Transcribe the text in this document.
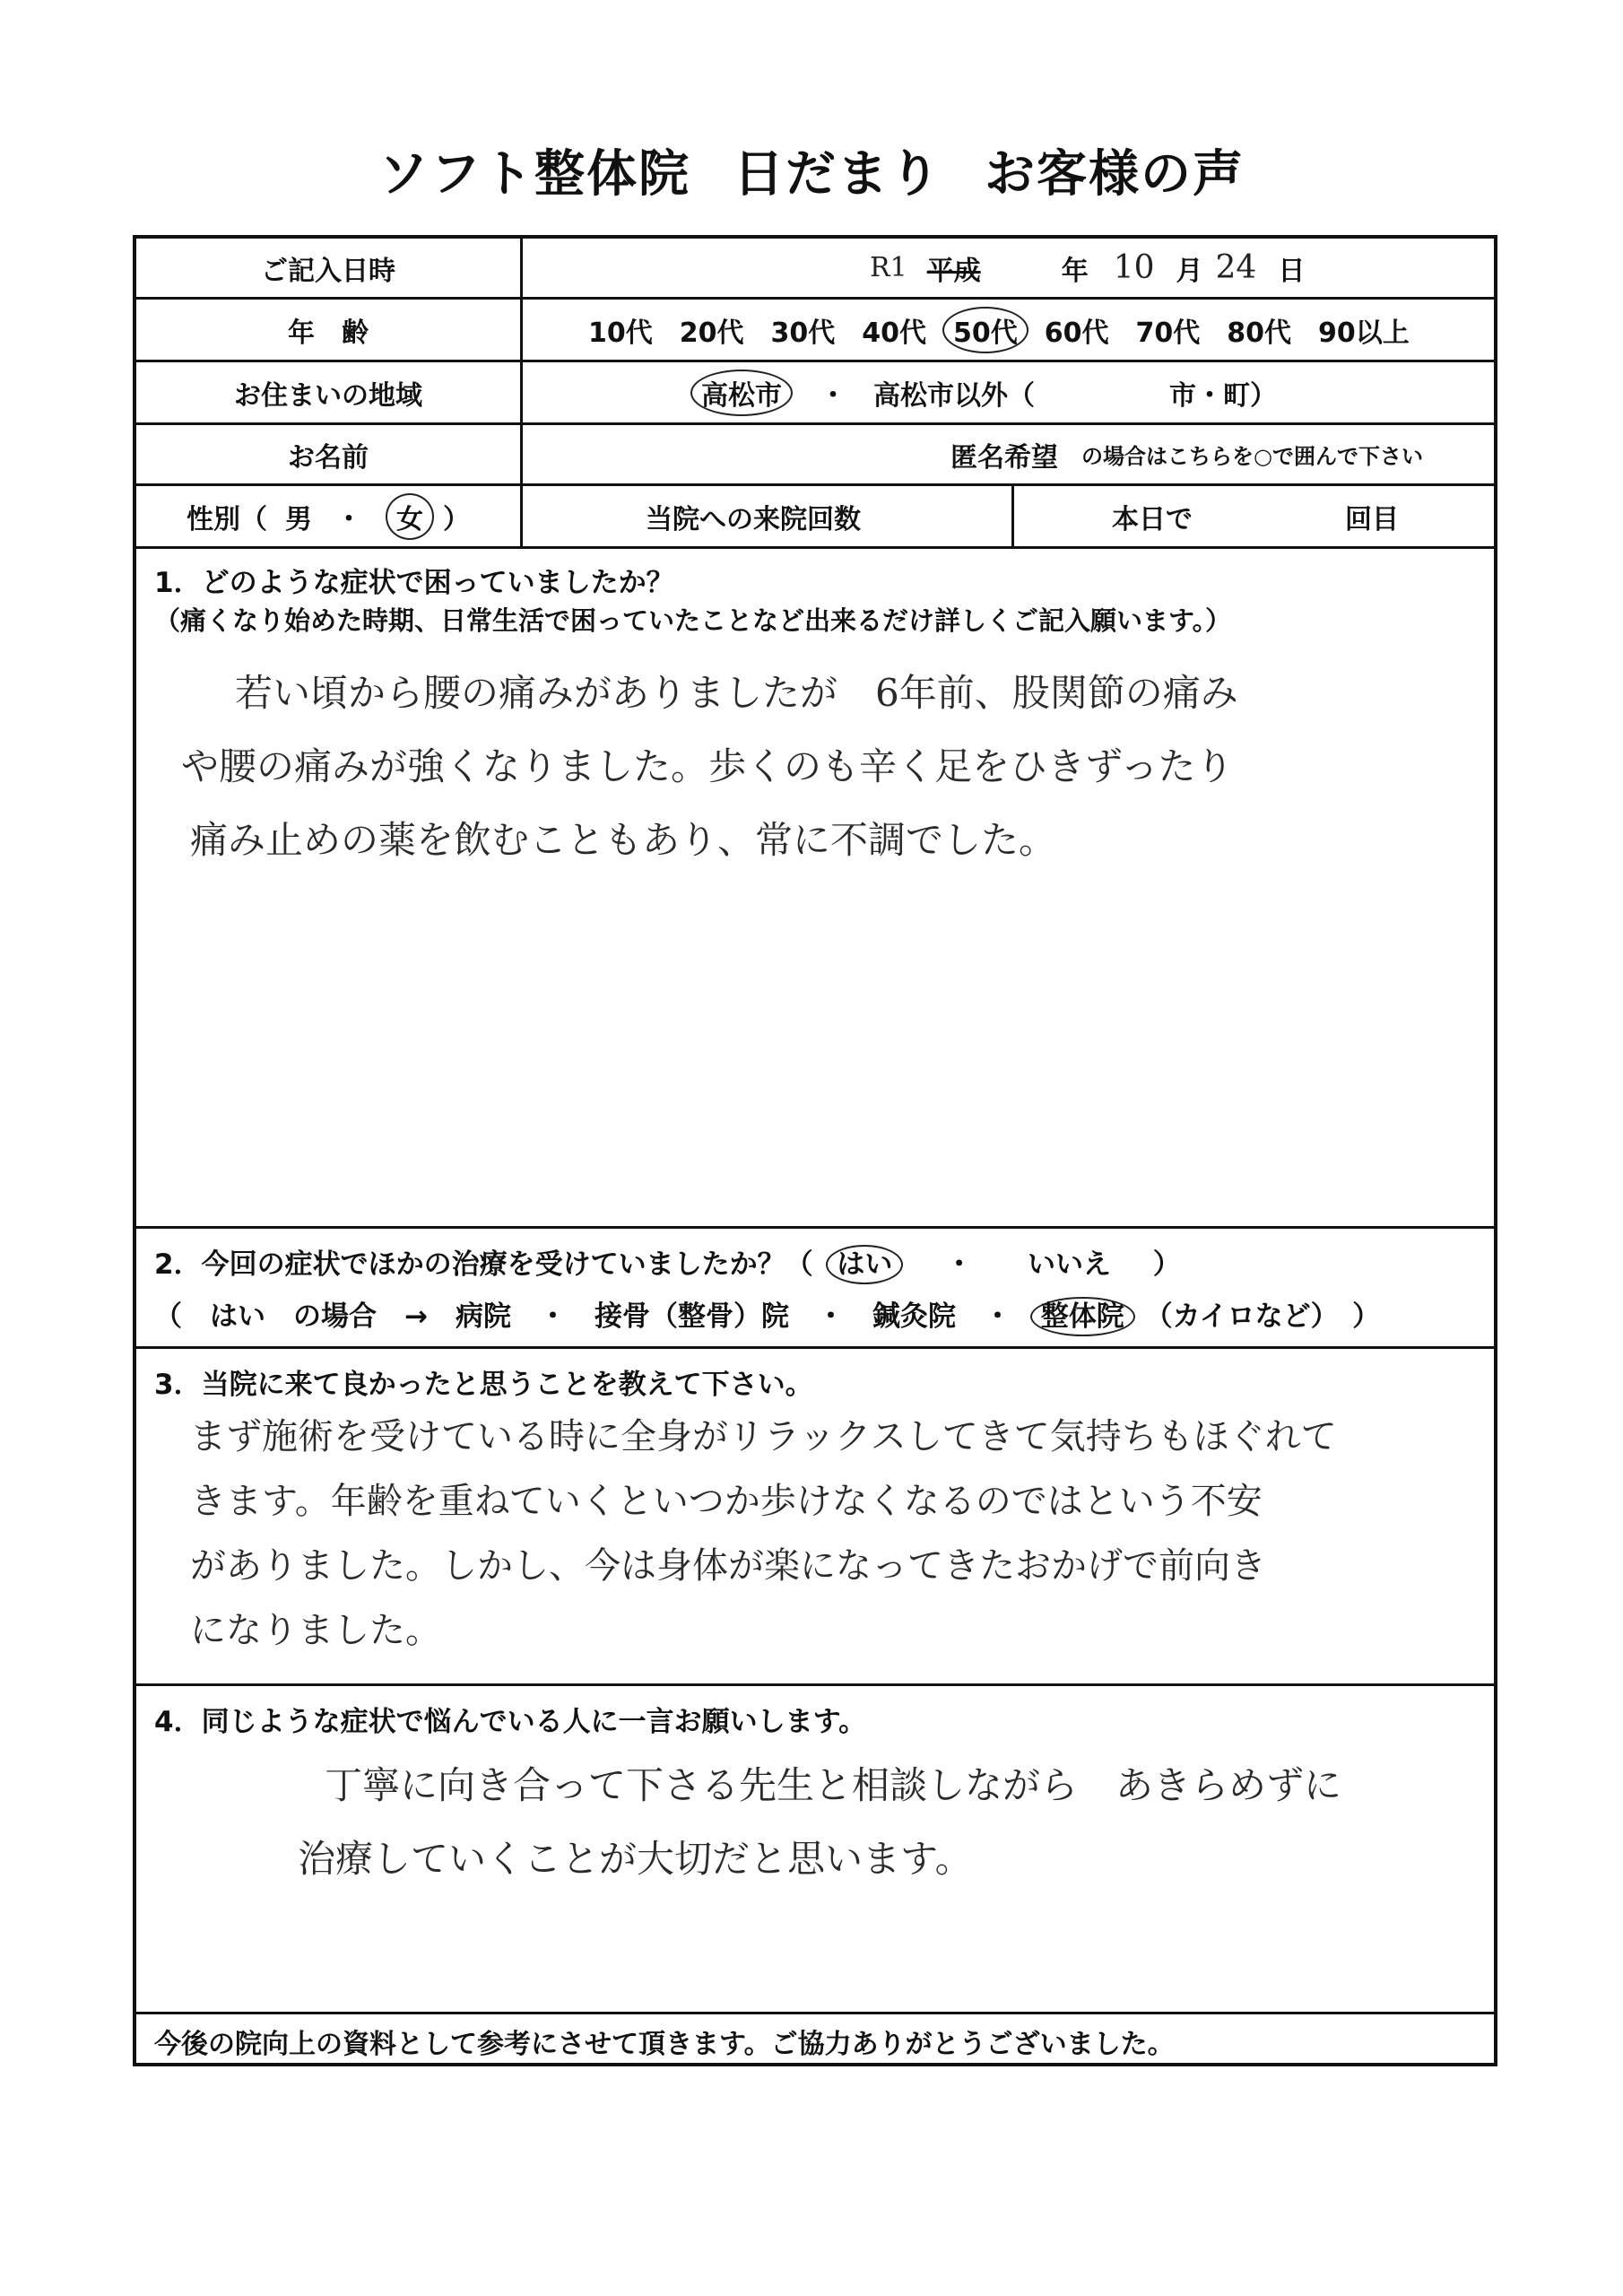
ソフト整体院 日だまり お客様の声
ご記入日時	R1 平成	年 10 月 24 日
年　齢	10代 20代 30代 40代	50代	60代 70代 80代 90以上
お住まいの地域	高松市	・ 高松市以外（	市・町）
お名前	匿名希望 の場合はこちらを○で囲んで下さい
性別（ 男 ・	女 ）	当院への来院回数	本日で	回目
1．どのような症状で困っていましたか？
（痛くなり始めた時期、日常生活で困っていたことなど出来るだけ詳しくご記入願います。）
若い頃から腰の痛みがありましたが　6年前、股関節の痛み
や腰の痛みが強くなりました。歩くのも辛く足をひきずったり
痛み止めの薬を飲むこともあり、常に不調でした。
2．今回の症状でほかの治療を受けていましたか？（ はい ・ いいえ ）
（　はい　の場合　→　病院　・　接骨（整骨）院　・　鍼灸院　・ 整体院 （カイロなど）　）
3．当院に来て良かったと思うことを教えて下さい。
まず施術を受けている時に全身がリラックスしてきて気持ちもほぐれて
きます。年齢を重ねていくといつか歩けなくなるのではという不安
がありました。しかし、今は身体が楽になってきたおかげで前向き
になりました。
4．同じような症状で悩んでいる人に一言お願いします。
丁寧に向き合って下さる先生と相談しながら　あきらめずに
治療していくことが大切だと思います。
今後の院向上の資料として参考にさせて頂きます。ご協力ありがとうございました。
